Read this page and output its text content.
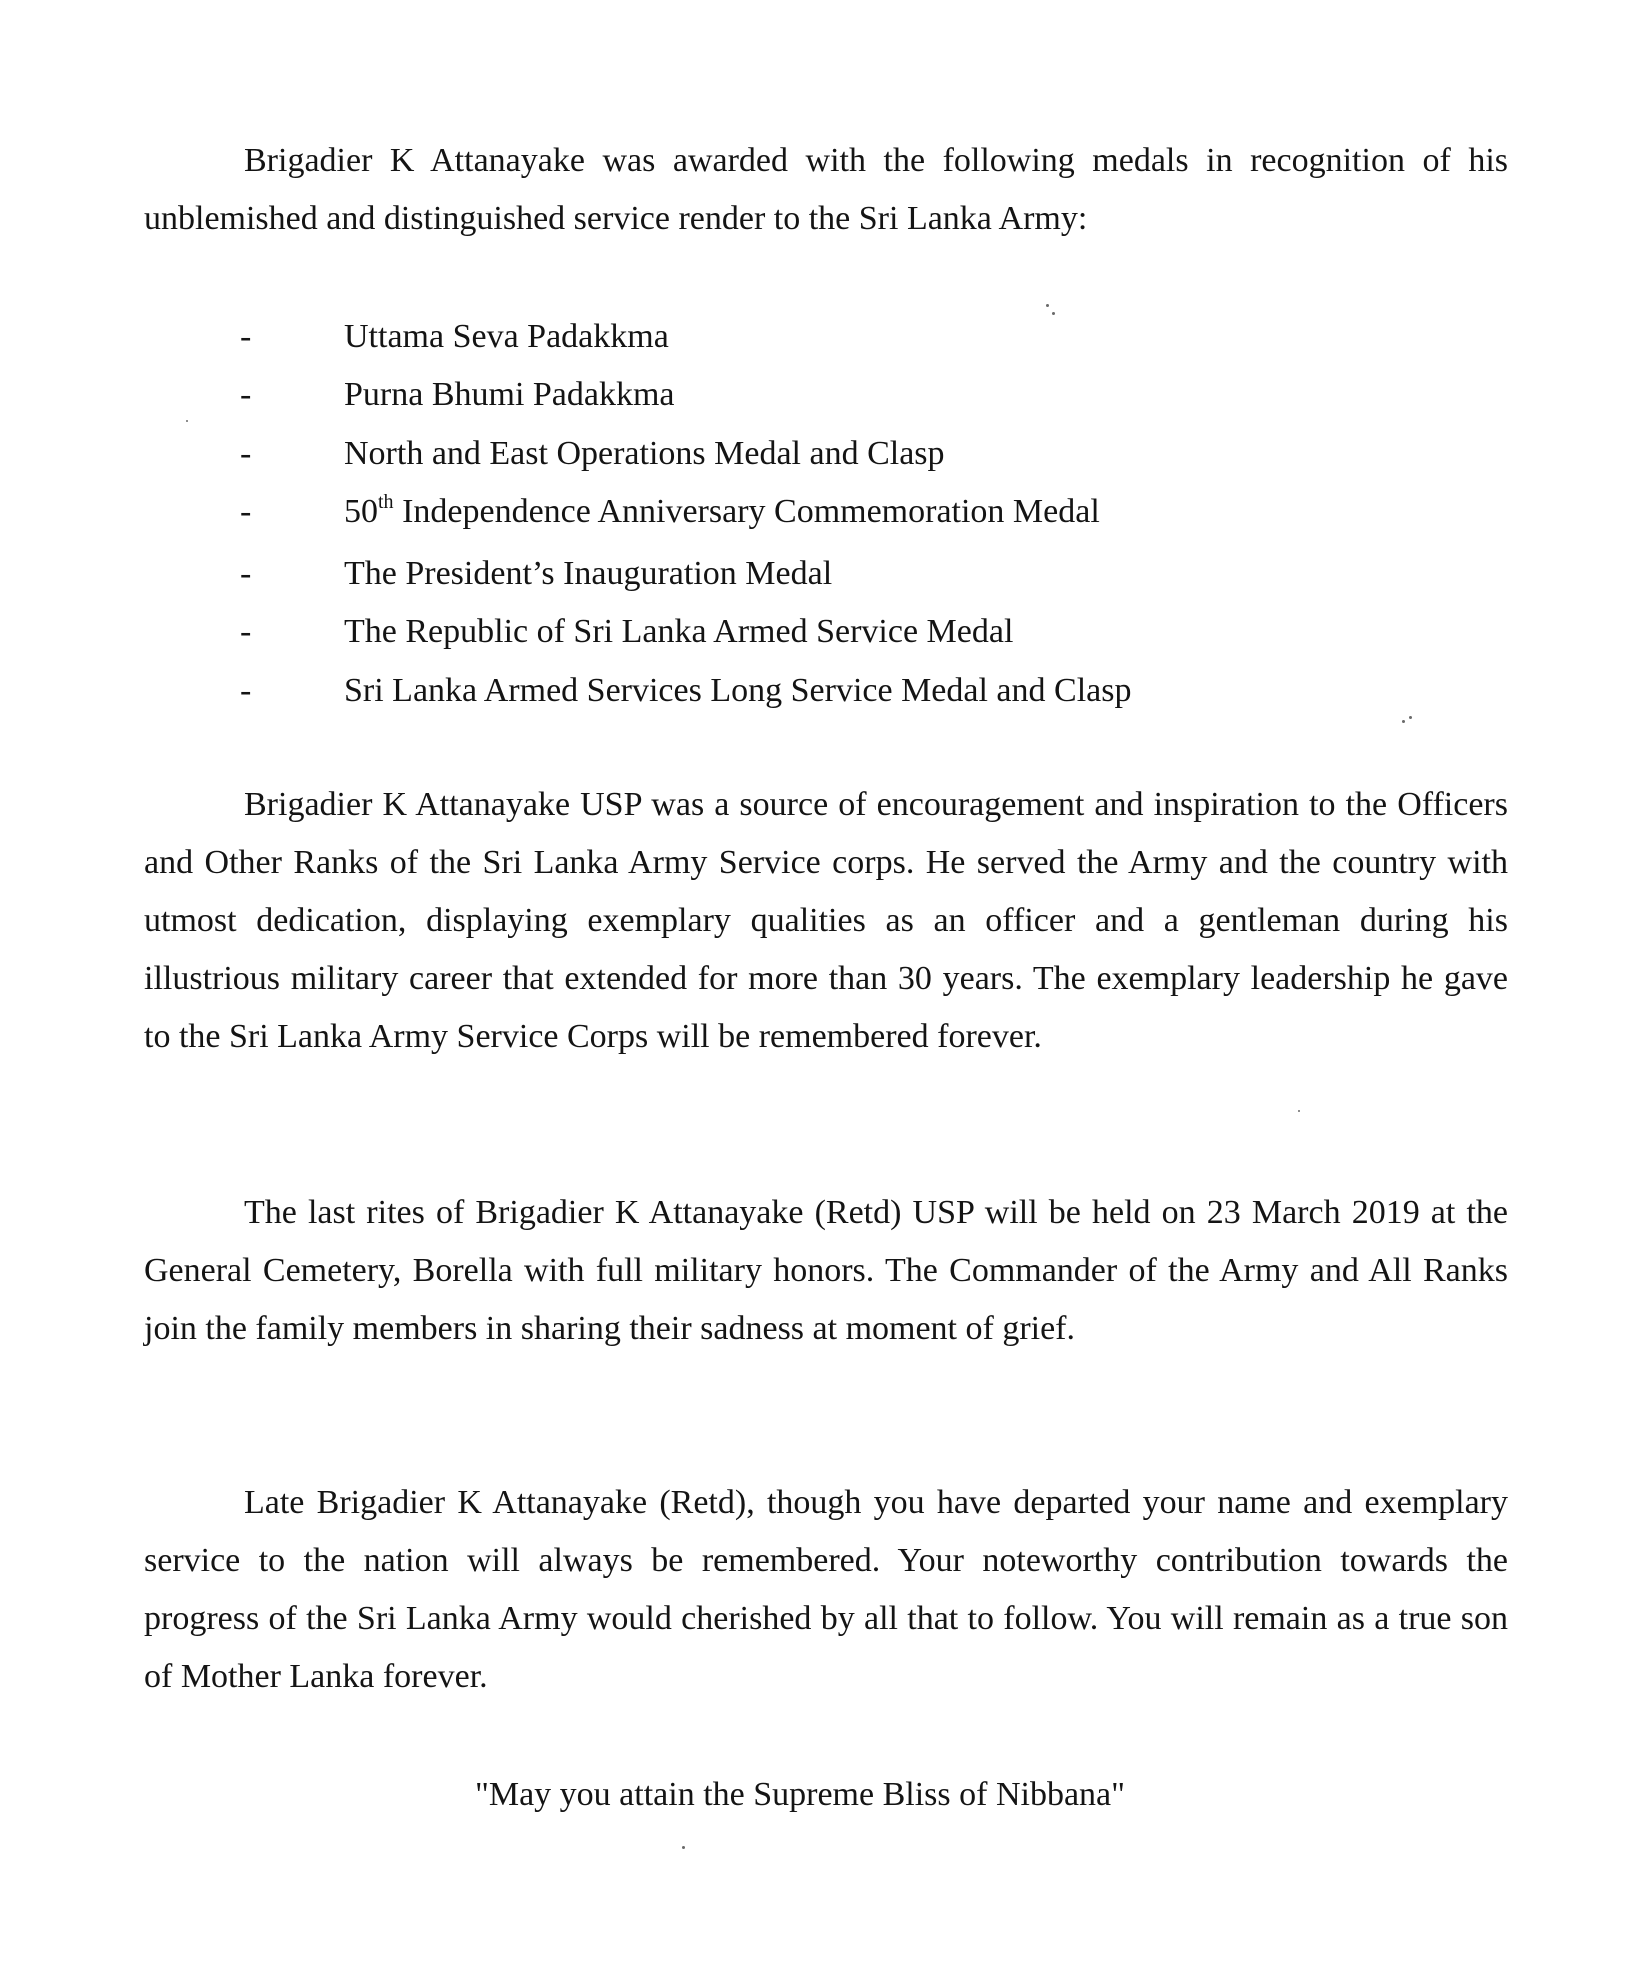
Brigadier K Attanayake was awarded with the following medals in recognition of his unblemished and distinguished service render to the Sri Lanka Army:

-	Uttama Seva Padakkma
-	Purna Bhumi Padakkma
-	North and East Operations Medal and Clasp
-	50th Independence Anniversary Commemoration Medal
-	The President’s Inauguration Medal
-	The Republic of Sri Lanka Armed Service Medal
-	Sri Lanka Armed Services Long Service Medal and Clasp

Brigadier K Attanayake USP was a source of encouragement and inspiration to the Officers and Other Ranks of the Sri Lanka Army Service corps. He served the Army and the country with utmost dedication, displaying exemplary qualities as an officer and a gentleman during his illustrious military career that extended for more than 30 years. The exemplary leadership he gave to the Sri Lanka Army Service Corps will be remembered forever.

The last rites of Brigadier K Attanayake (Retd) USP will be held on 23 March 2019 at the General Cemetery, Borella with full military honors. The Commander of the Army and All Ranks join the family members in sharing their sadness at moment of grief.

Late Brigadier K Attanayake (Retd), though you have departed your name and exemplary service to the nation will always be remembered. Your noteworthy contribution towards the progress of the Sri Lanka Army would cherished by all that to follow. You will remain as a true son of Mother Lanka forever.

"May you attain the Supreme Bliss of Nibbana"
